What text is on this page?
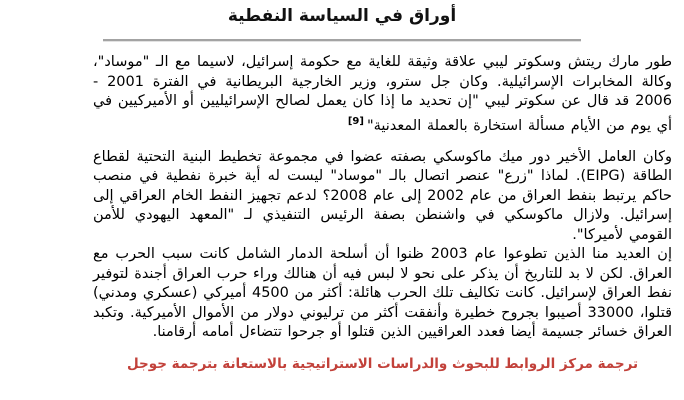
أوراق في السياسة النفطية

طور مارك ريتش وسكوتر ليبي علاقة وثيقة للغاية مع حكومة إسرائيل، لاسيما مع الـ "موساد"، وكالة المخابرات الإسرائيلية. وكان جل سترو، وزير الخارجية البريطانية في الفترة 2001 - 2006 قد قال عن سكوتر ليبي "إن تحديد ما إذا كان يعمل لصالح الإسرائيليين أو الأميركيين في أي يوم من الأيام مسألة استخارة بالعملة المعدنية"[9]

وكان العامل الأخير دور ميك ماكوسكي بصفته عضوا في مجموعة تخطيط البنية التحتية لقطاع الطاقة (EIPG). لماذا "زرع" عنصر اتصال بالـ "موساد" ليست له أية خبرة نفطية في منصب حاكم يرتبط بنفط العراق من عام 2002 إلى عام 2008؟ لدعم تجهيز النفط الخام العراقي إلى إسرائيل. ولازال ماكوسكي في واشنطن بصفة الرئيس التنفيذي لـ "المعهد اليهودي للأمن القومي لأميركا".

إن العديد منا الذين تطوعوا عام 2003 ظنوا أن أسلحة الدمار الشامل كانت سبب الحرب مع العراق. لكن لا بد للتاريخ أن يذكر على نحو لا لبس فيه أن هنالك وراء حرب العراق أجندة لتوفير نفط العراق لإسرائيل. كانت تكاليف تلك الحرب هائلة: أكثر من 4500 أميركي (عسكري ومدني) قتلوا، 33000 أصيبوا بجروح خطيرة وأنفقت أكثر من ترليوني دولار من الأموال الأميركية. وتكبد العراق خسائر جسيمة أيضا فعدد العراقيين الذين قتلوا أو جرحوا تتضاءل أمامه أرقامنا.

ترجمة مركز الروابط للبحوث والدراسات الاستراتيجية بالاستعانة بترجمة جوجل
